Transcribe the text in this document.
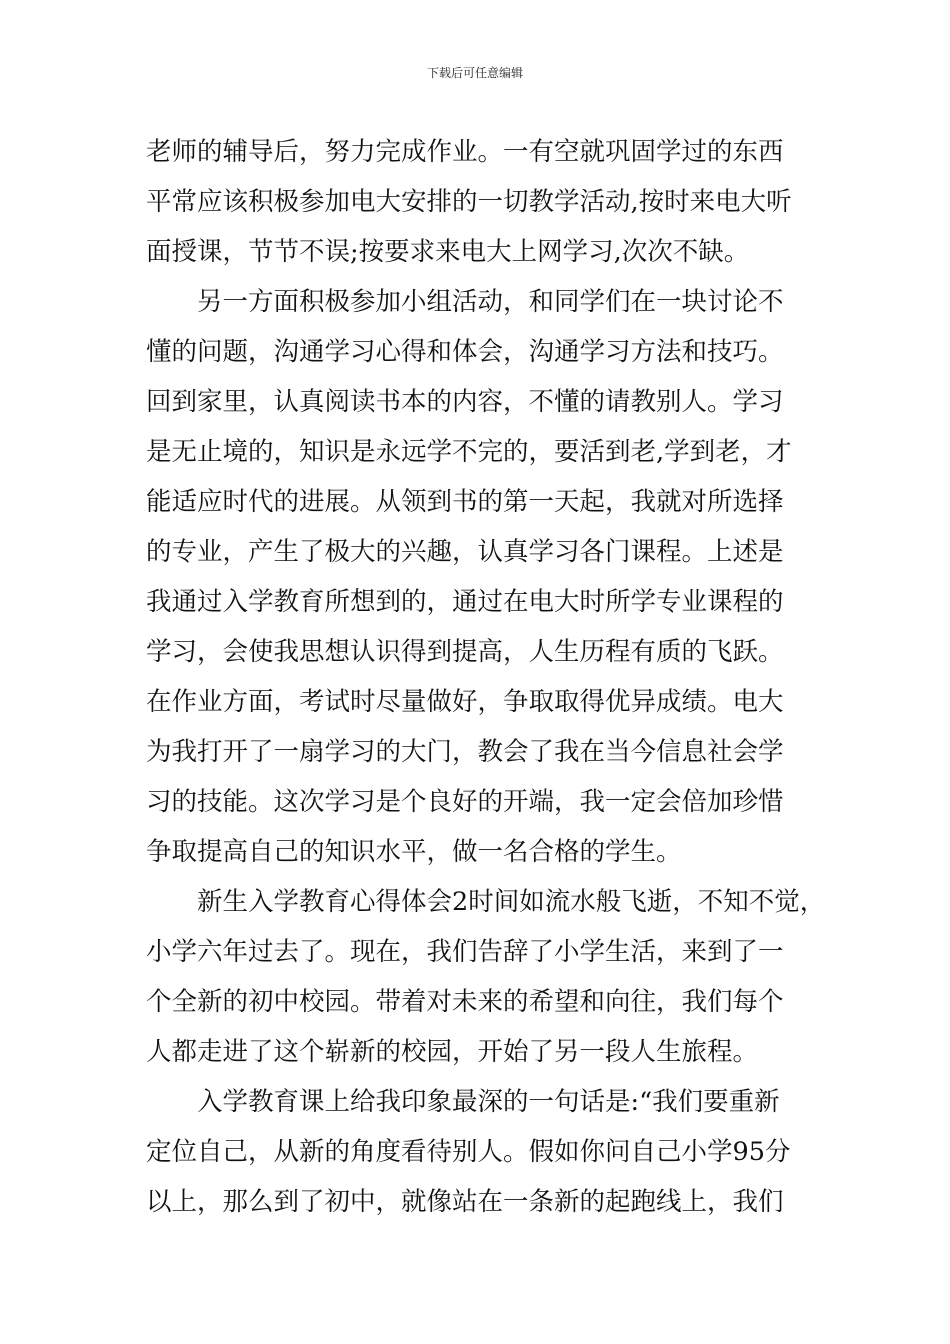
下载后可任意编辑
老师的辅导后，努力完成作业。一有空就巩固学过的东西
平常应该积极参加电大安排的一切教学活动,按时来电大听
面授课，节节不误;按要求来电大上网学习,次次不缺。
另一方面积极参加小组活动，和同学们在一块讨论不
懂的问题，沟通学习心得和体会，沟通学习方法和技巧。
回到家里，认真阅读书本的内容，不懂的请教别人。学习
是无止境的，知识是永远学不完的，要活到老,学到老，才
能适应时代的进展。从领到书的第一天起，我就对所选择
的专业，产生了极大的兴趣，认真学习各门课程。上述是
我通过入学教育所想到的，通过在电大时所学专业课程的
学习，会使我思想认识得到提高，人生历程有质的飞跃。
在作业方面，考试时尽量做好，争取取得优异成绩。电大
为我打开了一扇学习的大门，教会了我在当今信息社会学
习的技能。这次学习是个良好的开端，我一定会倍加珍惜
争取提高自己的知识水平，做一名合格的学生。
新生入学教育心得体会2时间如流水般飞逝，不知不觉，
小学六年过去了。现在，我们告辞了小学生活，来到了一
个全新的初中校园。带着对未来的希望和向往，我们每个
人都走进了这个崭新的校园，开始了另一段人生旅程。
入学教育课上给我印象最深的一句话是:“我们要重新
定位自己，从新的角度看待别人。假如你问自己小学95分
以上，那么到了初中，就像站在一条新的起跑线上，我们
